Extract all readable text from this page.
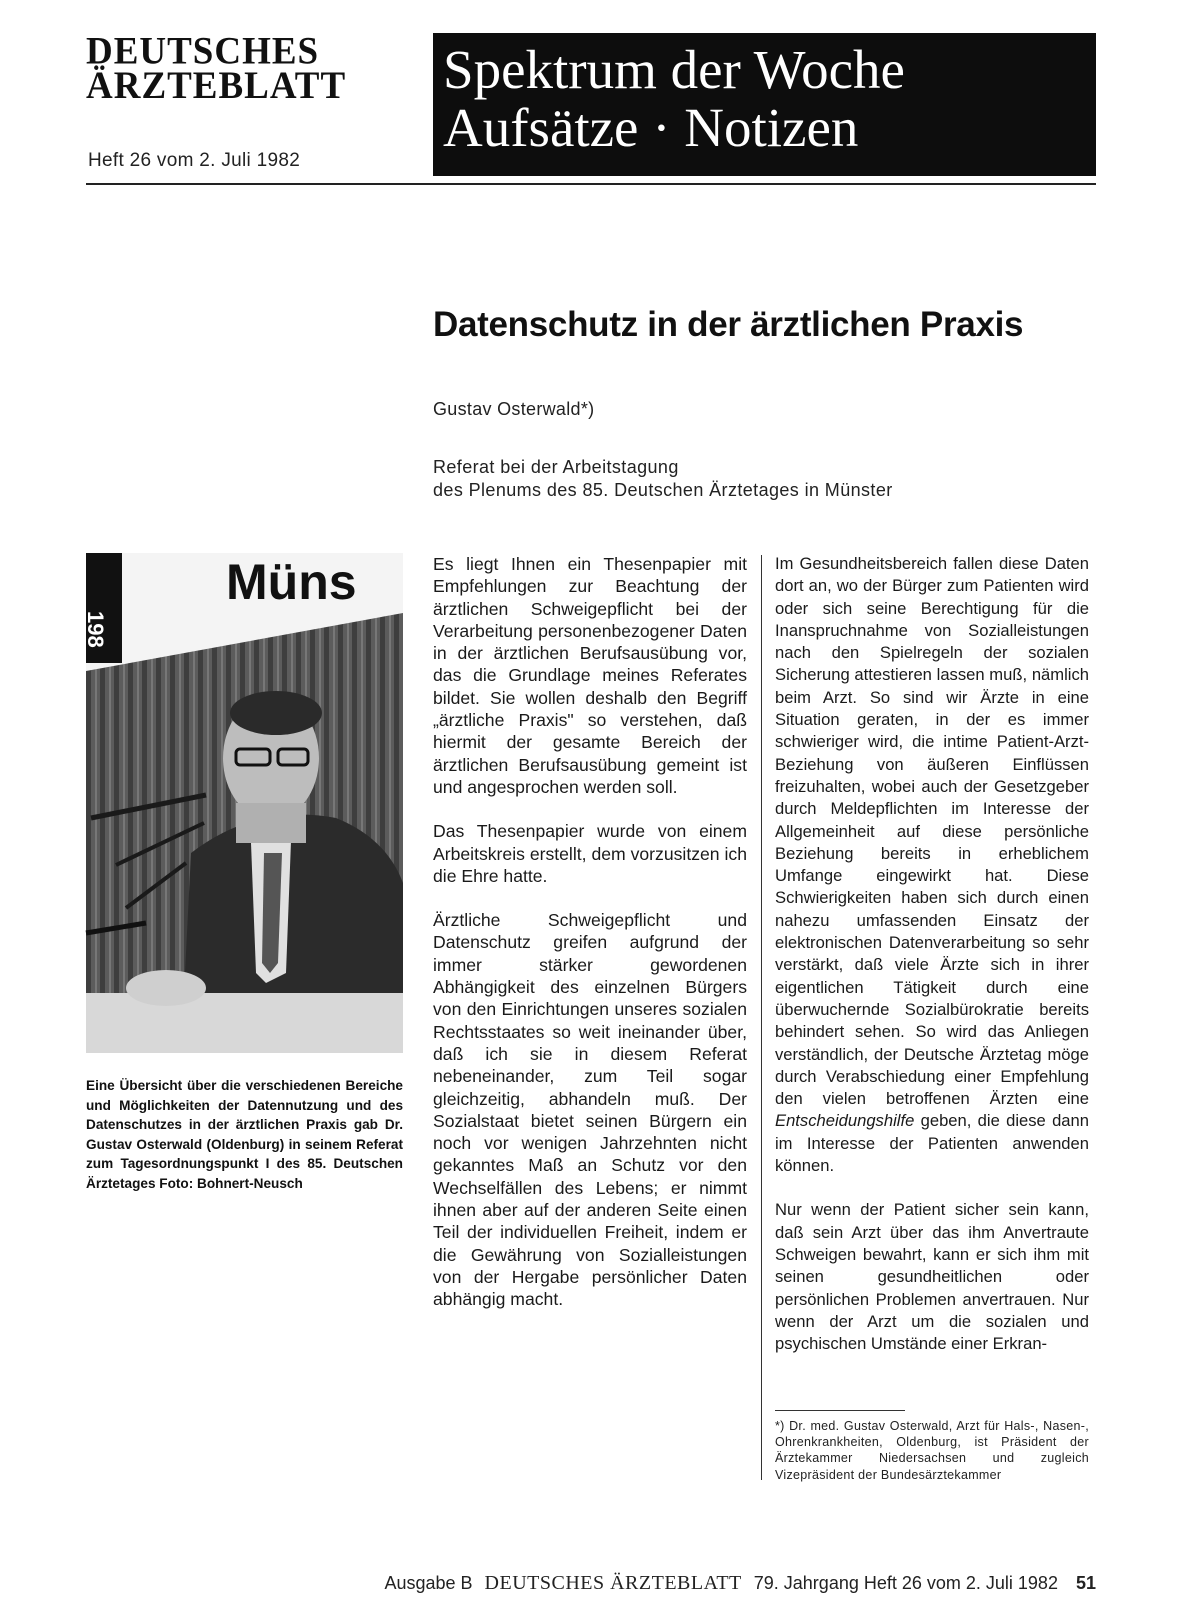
DEUTSCHES
ÄRZTEBLATT
Heft 26 vom 2. Juli 1982
Spektrum der Woche
Aufsätze · Notizen
Datenschutz in der ärztlichen Praxis
Gustav Osterwald*)
Referat bei der Arbeitstagung
des Plenums des 85. Deutschen Ärztetages in Münster
198
Müns
Eine Übersicht über die verschiedenen Bereiche und Möglichkeiten der Datennutzung und des Datenschutzes in der ärztlichen Praxis gab Dr. Gustav Osterwald (Oldenburg) in seinem Referat zum Tagesordnungspunkt I des 85. Deutschen Ärztetages Foto: Bohnert-Neusch

Es liegt Ihnen ein Thesenpapier mit Empfehlungen zur Beachtung der ärztlichen Schweigepflicht bei der Verarbeitung personenbezogener Daten in der ärztlichen Berufsausübung vor, das die Grundlage meines Referates bildet. Sie wollen deshalb den Begriff „ärztliche Praxis" so verstehen, daß hiermit der gesamte Bereich der ärztlichen Berufsausübung gemeint ist und angesprochen werden soll.

Das Thesenpapier wurde von einem Arbeitskreis erstellt, dem vorzusitzen ich die Ehre hatte.

Ärztliche Schweigepflicht und Datenschutz greifen aufgrund der immer stärker gewordenen Abhängigkeit des einzelnen Bürgers von den Einrichtungen unseres sozialen Rechtsstaates so weit ineinander über, daß ich sie in diesem Referat nebeneinander, zum Teil sogar gleichzeitig, abhandeln muß. Der Sozialstaat bietet seinen Bürgern ein noch vor wenigen Jahrzehnten nicht gekanntes Maß an Schutz vor den Wechselfällen des Lebens; er nimmt ihnen aber auf der anderen Seite einen Teil der individuellen Freiheit, indem er die Gewährung von Sozialleistungen von der Hergabe persönlicher Daten abhängig macht.

Im Gesundheitsbereich fallen diese Daten dort an, wo der Bürger zum Patienten wird oder sich seine Berechtigung für die Inanspruchnahme von Sozialleistungen nach den Spielregeln der sozialen Sicherung attestieren lassen muß, nämlich beim Arzt. So sind wir Ärzte in eine Situation geraten, in der es immer schwieriger wird, die intime Patient-Arzt-Beziehung von äußeren Einflüssen freizuhalten, wobei auch der Gesetzgeber durch Meldepflichten im Interesse der Allgemeinheit auf diese persönliche Beziehung bereits in erheblichem Umfange eingewirkt hat. Diese Schwierigkeiten haben sich durch einen nahezu umfassenden Einsatz der elektronischen Datenverarbeitung so sehr verstärkt, daß viele Ärzte sich in ihrer eigentlichen Tätigkeit durch eine überwuchernde Sozialbürokratie bereits behindert sehen. So wird das Anliegen verständlich, der Deutsche Ärztetag möge durch Verabschiedung einer Empfehlung den vielen betroffenen Ärzten eine Entscheidungshilfe geben, die diese dann im Interesse der Patienten anwenden können.

Nur wenn der Patient sicher sein kann, daß sein Arzt über das ihm Anvertraute Schweigen bewahrt, kann er sich ihm mit seinen gesundheitlichen oder persönlichen Problemen anvertrauen. Nur wenn der Arzt um die sozialen und psychischen Umstände einer Erkran-

*) Dr. med. Gustav Osterwald, Arzt für Hals-, Nasen-, Ohrenkrankheiten, Oldenburg, ist Präsident der Ärztekammer Niedersachsen und zugleich Vizepräsident der Bundesärztekammer
Ausgabe B DEUTSCHES ÄRZTEBLATT 79. Jahrgang Heft 26 vom 2. Juli 1982 51
